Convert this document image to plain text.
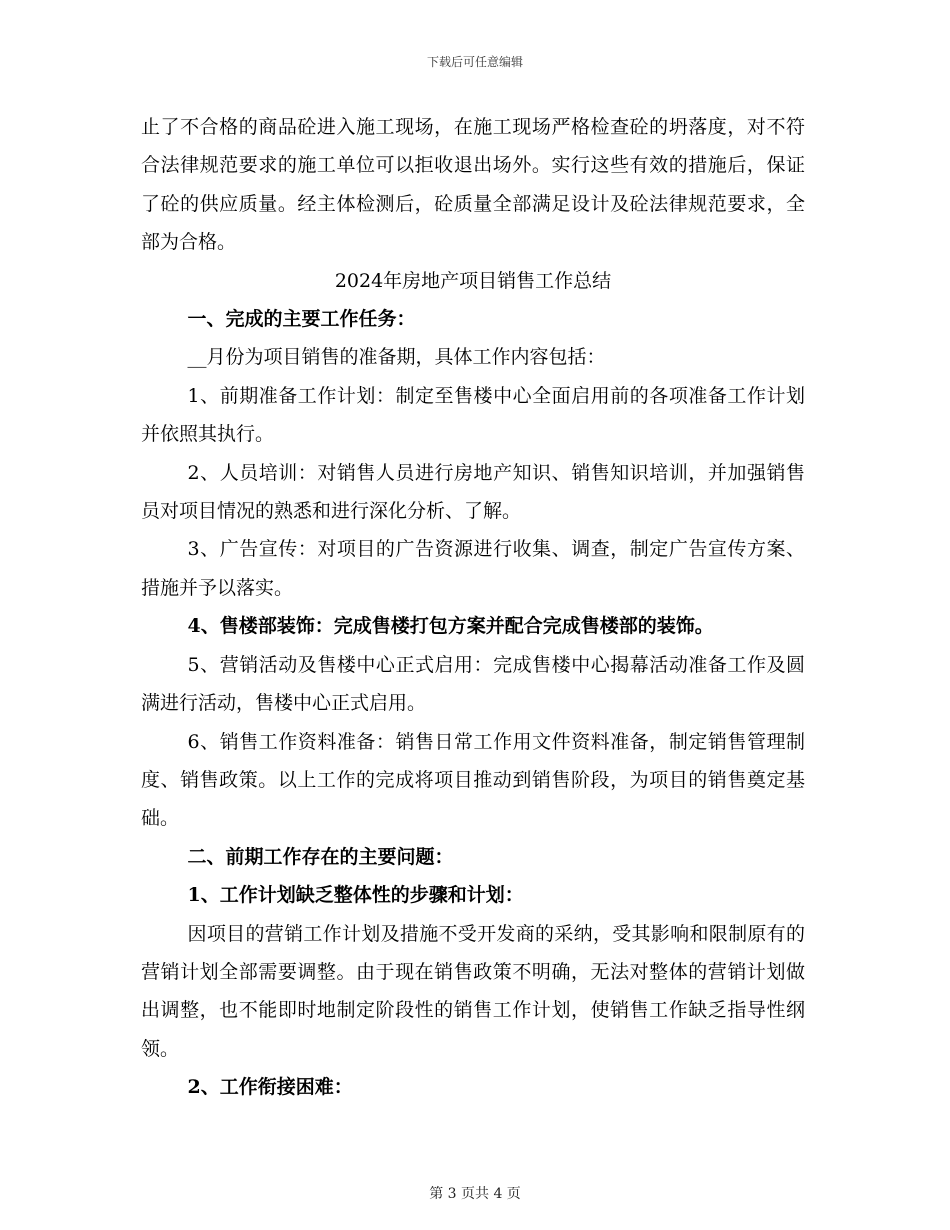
下载后可任意编辑

止了不合格的商品砼进入施工现场，在施工现场严格检查砼的坍落度，对不符合法律规范要求的施工单位可以拒收退出场外。实行这些有效的措施后，保证了砼的供应质量。经主体检测后，砼质量全部满足设计及砼法律规范要求，全部为合格。

2024年房地产项目销售工作总结

一、完成的主要工作任务：

__月份为项目销售的准备期，具体工作内容包括：

1、前期准备工作计划：制定至售楼中心全面启用前的各项准备工作计划并依照其执行。

2、人员培训：对销售人员进行房地产知识、销售知识培训，并加强销售员对项目情况的熟悉和进行深化分析、了解。

3、广告宣传：对项目的广告资源进行收集、调查，制定广告宣传方案、措施并予以落实。

4、售楼部装饰：完成售楼打包方案并配合完成售楼部的装饰。

5、营销活动及售楼中心正式启用：完成售楼中心揭幕活动准备工作及圆满进行活动，售楼中心正式启用。

6、销售工作资料准备：销售日常工作用文件资料准备，制定销售管理制度、销售政策。以上工作的完成将项目推动到销售阶段，为项目的销售奠定基础。

二、前期工作存在的主要问题：

1、工作计划缺乏整体性的步骤和计划：

因项目的营销工作计划及措施不受开发商的采纳，受其影响和限制原有的营销计划全部需要调整。由于现在销售政策不明确，无法对整体的营销计划做出调整，也不能即时地制定阶段性的销售工作计划，使销售工作缺乏指导性纲领。

2、工作衔接困难：

第 3 页共 4 页
